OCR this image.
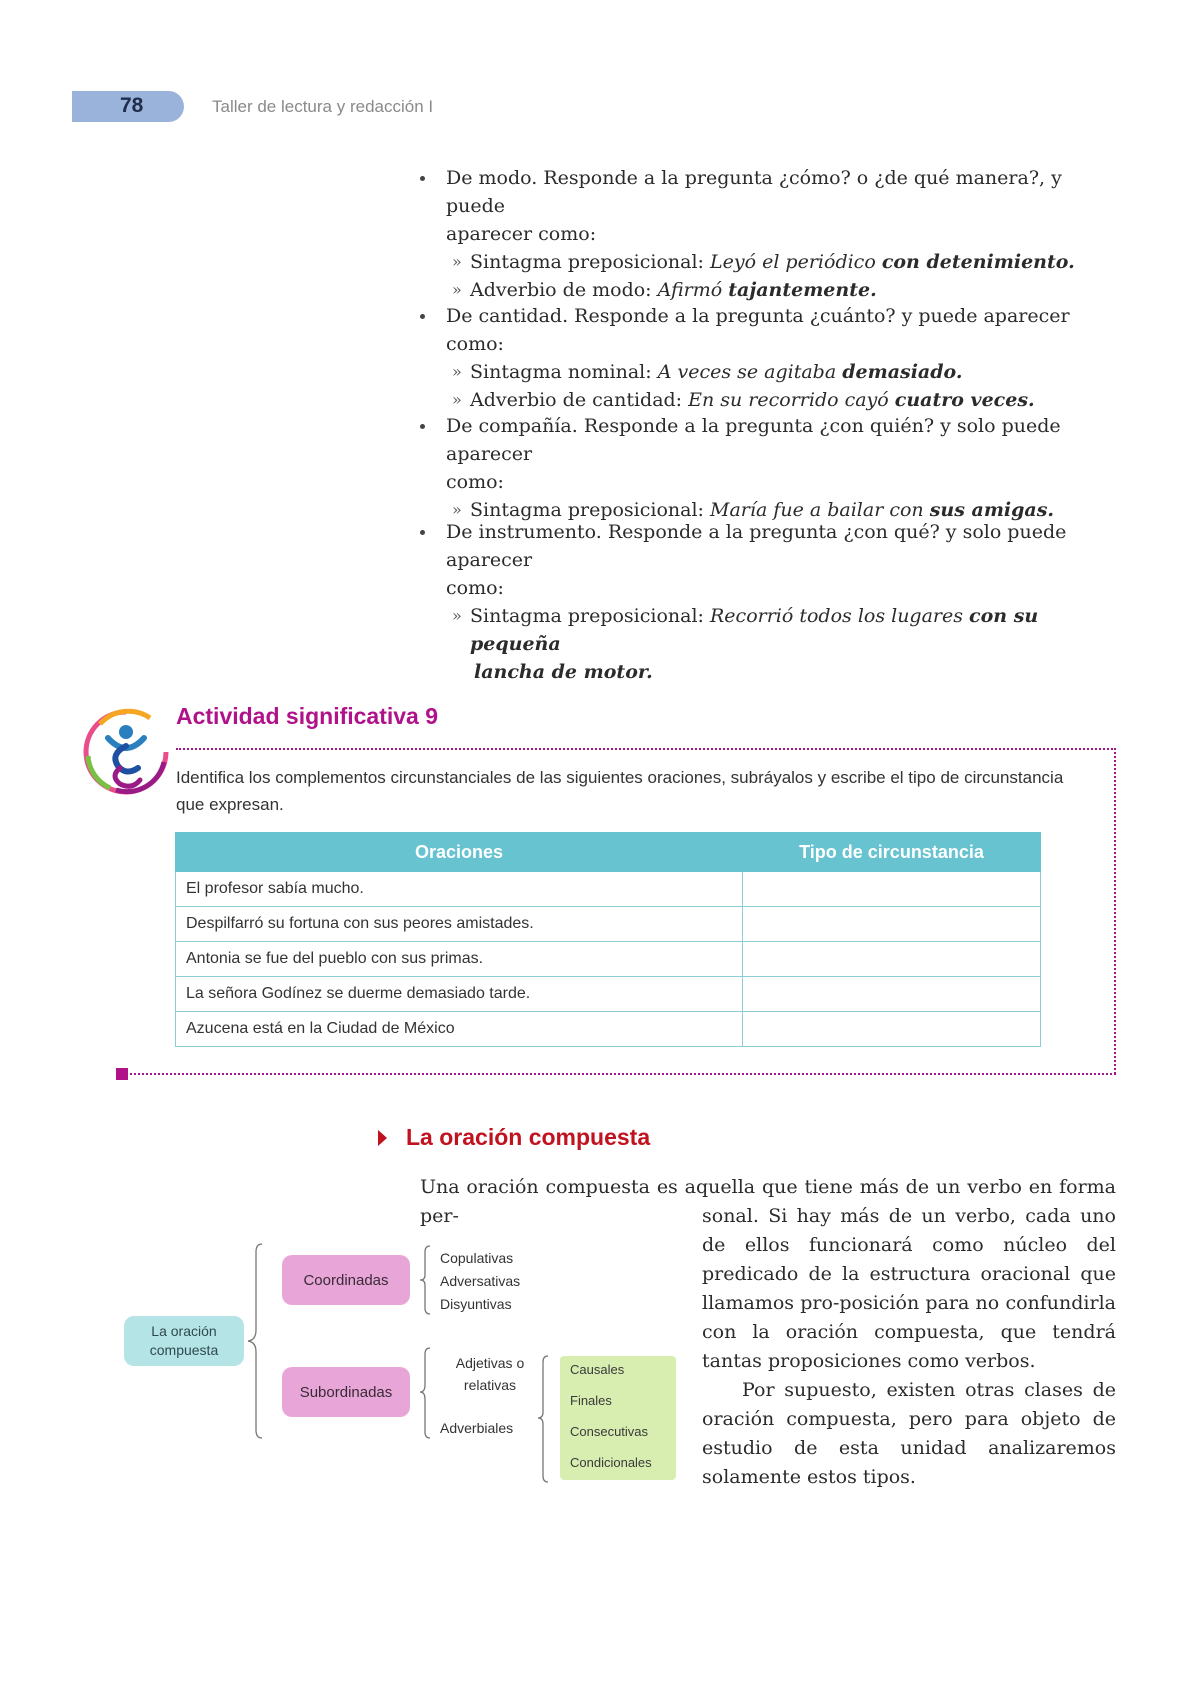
78	Taller de lectura y redacción I
De modo. Responde a la pregunta ¿cómo? o ¿de qué manera?, y puede
aparecer como:
» Sintagma preposicional: Leyó el periódico con detenimiento.
» Adverbio de modo: Afirmó tajantemente.
De cantidad. Responde a la pregunta ¿cuánto? y puede aparecer como:
» Sintagma nominal: A veces se agitaba demasiado.
» Adverbio de cantidad: En su recorrido cayó cuatro veces.
De compañía. Responde a la pregunta ¿con quién? y solo puede aparecer
como:
» Sintagma preposicional: María fue a bailar con sus amigas.
De instrumento. Responde a la pregunta ¿con qué? y solo puede aparecer
como:
» Sintagma preposicional: Recorrió todos los lugares con su pequeña
lancha de motor.
Actividad significativa 9
Identifica los complementos circunstanciales de las siguientes oraciones, subráyalos y escribe el tipo de circunstancia que expresan.
Oraciones	Tipo de circunstancia
El profesor sabía mucho.	
Despilfarró su fortuna con sus peores amistades.	
Antonia se fue del pueblo con sus primas.	
La señora Godínez se duerme demasiado tarde.	
Azucena está en la Ciudad de México	
La oración compuesta
Una oración compuesta es aquella que tiene más de un verbo en forma per-	sonal. Si hay más de un verbo, cada uno de ellos funcionará como núcleo del predicado de la estructura oracional que llamamos pro-posición para no confundirla con la oración compuesta, que tendrá tantas proposiciones como verbos.
Por supuesto, existen otras clases de oración compuesta, pero para objeto de estudio de esta unidad analizaremos solamente estos tipos.
La oración compuesta
Coordinadas
Subordinadas
Copulativas
Adversativas
Disyuntivas
Adjetivas o relativas
Adverbiales
Causales
Finales
Consecutivas
Condicionales
